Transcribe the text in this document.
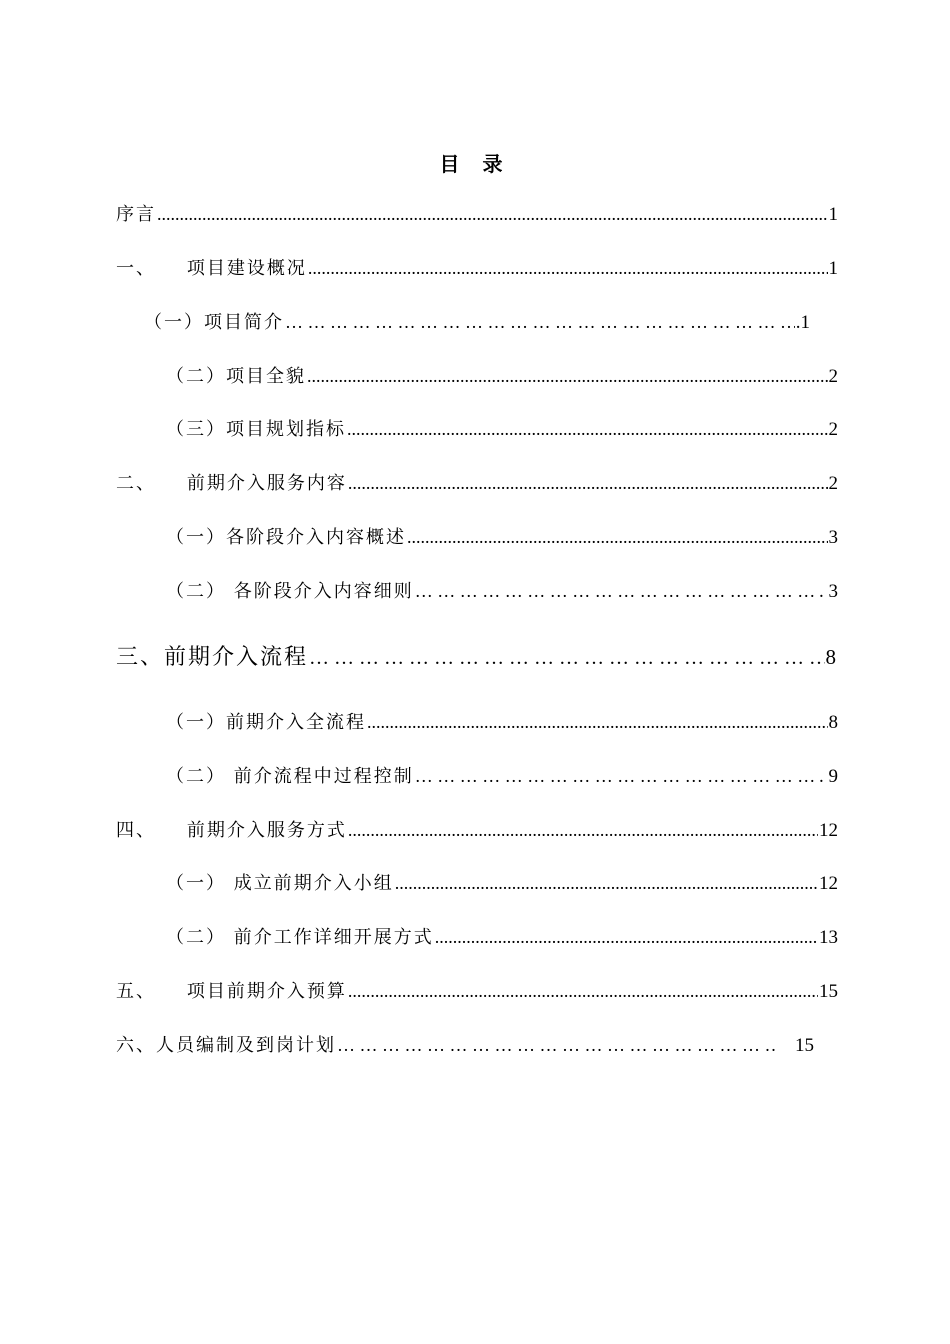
目 录
序言 .....	1
一、    项目建设概况 .....	1
（一）项目简介 … … … … … … … … … … … … … … … … … … … … … … … … … … … … … … … … … … … … … … … … … … … … … … … … … … … … … … … … … … … … … … … … … …	.1
（二）项目全貌 .....	2
（三）项目规划指标 .....	2
二、    前期介入服务内容 .....	2
（一）各阶段介入内容概述 .....	3
（二） 各阶段介入内容细则 … … … … … … … … … … … … … … … … … … … … … … … … … … … … … … … … … … … … … … … … … … … … … … … … … … … … … … … … … … … … … … … … … …	. 3
三、前期介入流程 … … … … … … … … … … … … … … … … … … … … … … … … … … … … … … … … … … … … … … … … … … … … … … … … … … … … … … … … … … … … … … … … … …	8
（一）前期介入全流程 .....	8
（二） 前介流程中过程控制 … … … … … … … … … … … … … … … … … … … … … … … … … … … … … … … … … … … … … … … … … … … … … … … … … … … … … … … … … … … … … … … … … …	. 9
四、    前期介入服务方式 .....	12
（一） 成立前期介入小组 .....	12
（二） 前介工作详细开展方式 .....	13
五、    项目前期介入预算 .....	15
六、人员编制及到岗计划 … … … … … … … … … … … … … … … … … … … … … … … … … … … … … … … … … … … … … … … … … … … … … … … … … … … … … … … … … … … … … … … … … …	15
